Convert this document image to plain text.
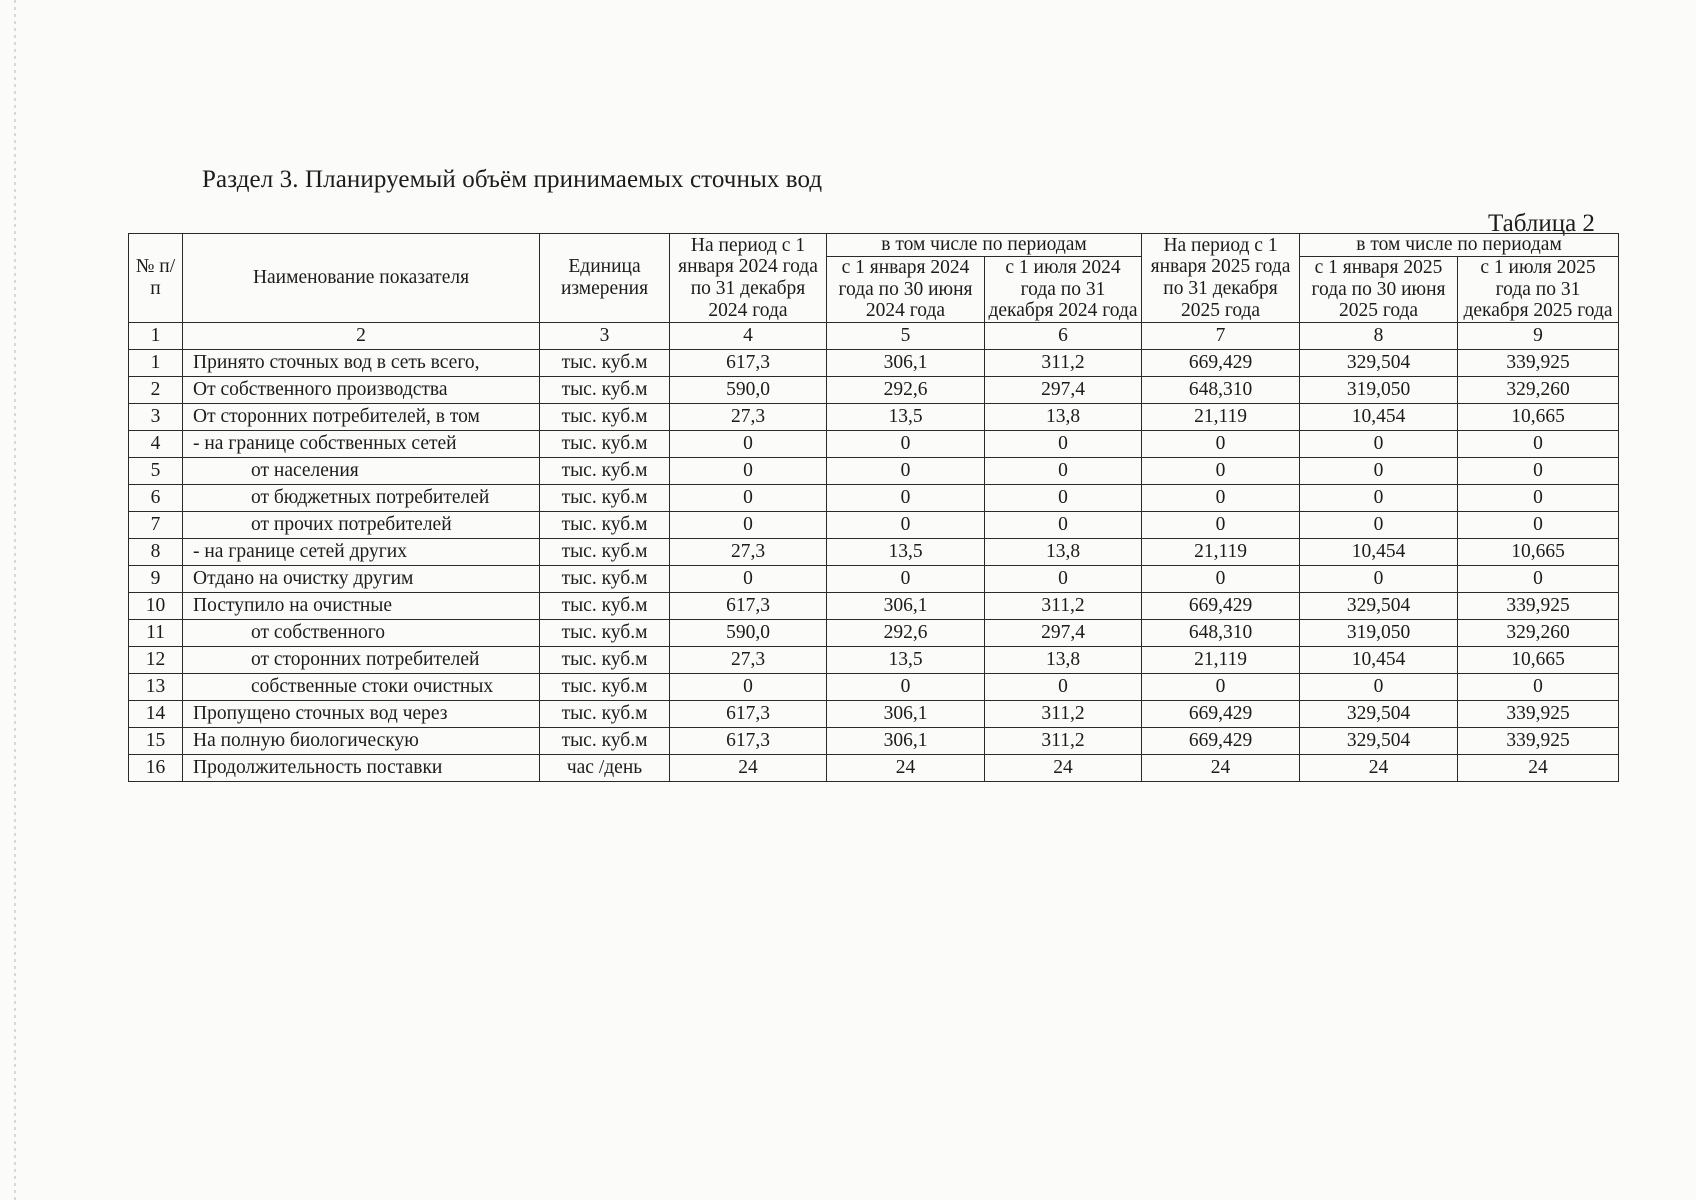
Раздел 3. Планируемый объём принимаемых сточных вод
Таблица 2
№ п/п	Наименование показателя	Единица измерения	На период с 1 января 2024 года по 31 декабря 2024 года	в том числе по периодам		На период с 1 января 2025 года по 31 декабря 2025 года	в том числе по периодам	
				с 1 января 2024 года по 30 июня 2024 года	с 1 июля 2024 года по 31 декабря 2024 года		с 1 января 2025 года по 30 июня 2025 года	с 1 июля 2025 года по 31 декабря 2025 года
1	2	3	4	5	6	7	8	9
1	Принято сточных вод в сеть всего,	тыс. куб.м	617,3	306,1	311,2	669,429	329,504	339,925
2	От собственного производства	тыс. куб.м	590,0	292,6	297,4	648,310	319,050	329,260
3	От сторонних потребителей, в том	тыс. куб.м	27,3	13,5	13,8	21,119	10,454	10,665
4	- на границе собственных сетей	тыс. куб.м	0	0	0	0	0	0
5	от населения	тыс. куб.м	0	0	0	0	0	0
6	от бюджетных потребителей	тыс. куб.м	0	0	0	0	0	0
7	от прочих потребителей	тыс. куб.м	0	0	0	0	0	0
8	- на границе сетей других	тыс. куб.м	27,3	13,5	13,8	21,119	10,454	10,665
9	Отдано на очистку другим	тыс. куб.м	0	0	0	0	0	0
10	Поступило на очистные	тыс. куб.м	617,3	306,1	311,2	669,429	329,504	339,925
11	от собственного	тыс. куб.м	590,0	292,6	297,4	648,310	319,050	329,260
12	от сторонних потребителей	тыс. куб.м	27,3	13,5	13,8	21,119	10,454	10,665
13	собственные стоки очистных	тыс. куб.м	0	0	0	0	0	0
14	Пропущено сточных вод через	тыс. куб.м	617,3	306,1	311,2	669,429	329,504	339,925
15	На полную биологическую	тыс. куб.м	617,3	306,1	311,2	669,429	329,504	339,925
16	Продолжительность поставки	час /день	24	24	24	24	24	24
